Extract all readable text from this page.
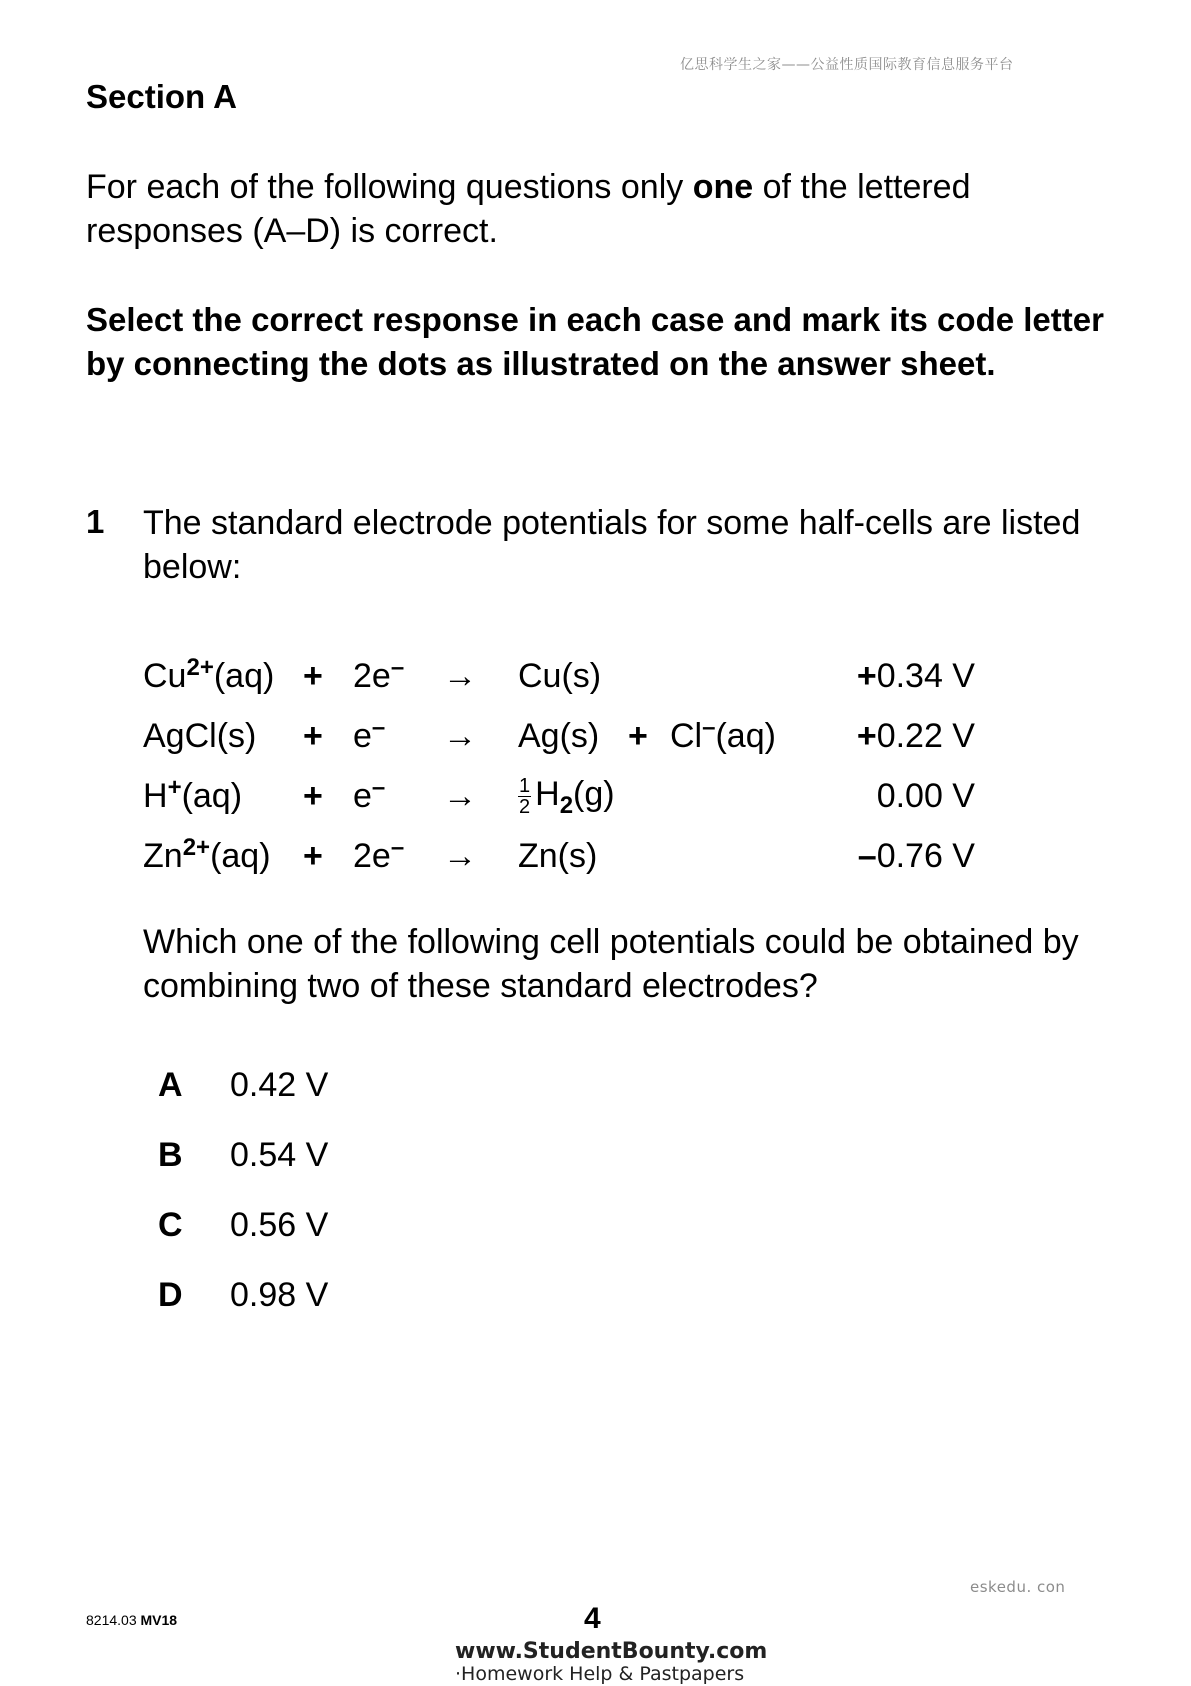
亿思科学生之家——公益性质国际教育信息服务平台
Section A
For each of the following questions only one of the lettered responses (A–D) is correct.
Select the correct response in each case and mark its code letter by connecting the dots as illustrated on the answer sheet.
1 The standard electrode potentials for some half-cells are listed below:
$Cu^{2+}(aq)$	+	2e–	→	Cu(s)			+0.34 V
AgCl(s)	+	e–	→	Ag(s)	+	Cl–(aq)	+0.22 V
H+(aq)	+	e–	→	$\frac{1}{2} H_2(g)$			0.00 V
$Zn^{2+}(aq)$	+	2e–	→	Zn(s)			–0.76 V
Which one of the following cell potentials could be obtained by combining two of these standard electrodes?
A	0.42 V
B	0.54 V
C	0.56 V
D	0.98 V
eskedu. con
8214.03 MV18	4
www.StudentBounty.com
·Homework Help & Pastpapers
